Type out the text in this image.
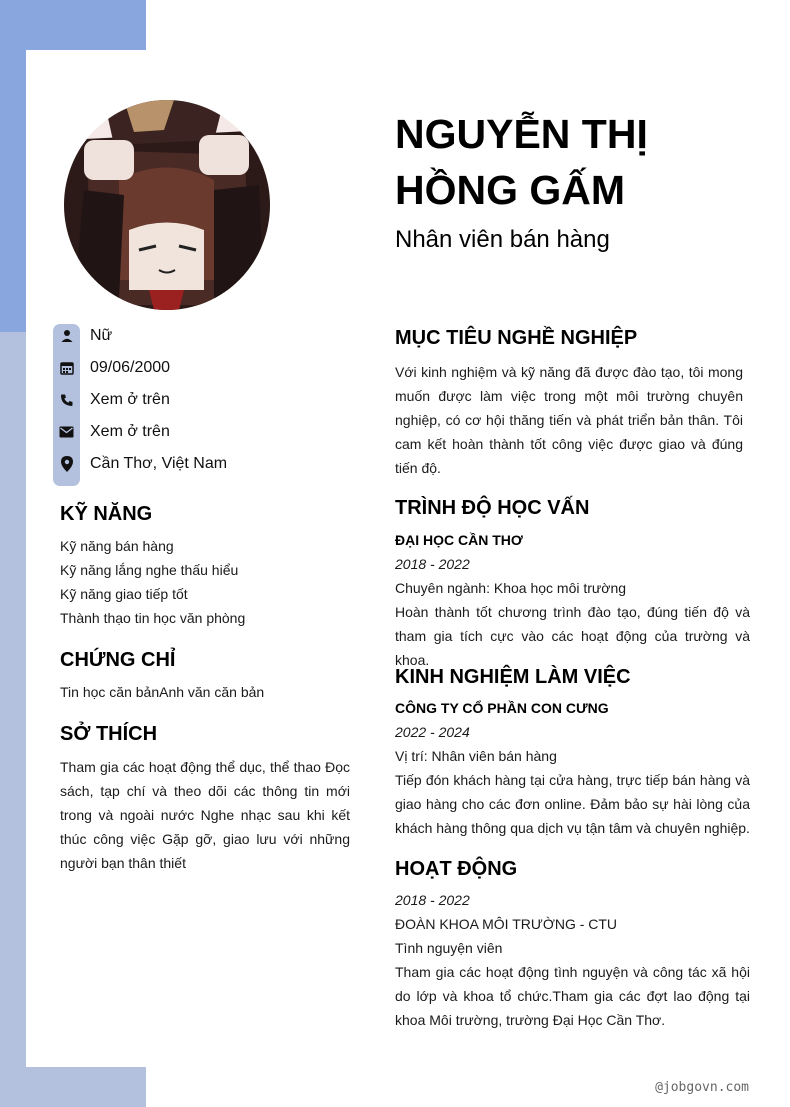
NGUYỄN THỊ
HỒNG GẤM
Nhân viên bán hàng
Nữ
09/06/2000
Xem ở trên
Xem ở trên
Cần Thơ, Việt Nam
KỸ NĂNG
Kỹ năng bán hàng
Kỹ năng lắng nghe thấu hiểu
Kỹ năng giao tiếp tốt
Thành thạo tin học văn phòng
CHỨNG CHỈ
Tin học căn bảnAnh văn căn bản
SỞ THÍCH
Tham gia các hoạt động thể dục, thể thao Đọc sách, tạp chí và theo dõi các thông tin mới trong và ngoài nước Nghe nhạc sau khi kết thúc công việc Gặp gỡ, giao lưu với những người bạn thân thiết
MỤC TIÊU NGHỀ NGHIỆP
Với kinh nghiệm và kỹ năng đã được đào tạo, tôi mong muốn được làm việc trong một môi trường chuyên nghiệp, có cơ hội thăng tiến và phát triển bản thân. Tôi cam kết hoàn thành tốt công việc được giao và đúng tiến độ.
TRÌNH ĐỘ HỌC VẤN
ĐẠI HỌC CẦN THƠ
2018 - 2022
Chuyên ngành: Khoa học môi trường
Hoàn thành tốt chương trình đào tạo, đúng tiến độ và tham gia tích cực vào các hoạt động của trường và khoa.
KINH NGHIỆM LÀM VIỆC
CÔNG TY CỔ PHẦN CON CƯNG
2022 - 2024
Vị trí: Nhân viên bán hàng
Tiếp đón khách hàng tại cửa hàng, trực tiếp bán hàng và giao hàng cho các đơn online. Đảm bảo sự hài lòng của khách hàng thông qua dịch vụ tận tâm và chuyên nghiệp.
HOẠT ĐỘNG
2018 - 2022
ĐOÀN KHOA MÔI TRƯỜNG - CTU
Tình nguyện viên
Tham gia các hoạt động tình nguyện và công tác xã hội do lớp và khoa tổ chức.Tham gia các đợt lao động tại khoa Môi trường, trường Đại Học Cần Thơ.
@jobgovn.com
